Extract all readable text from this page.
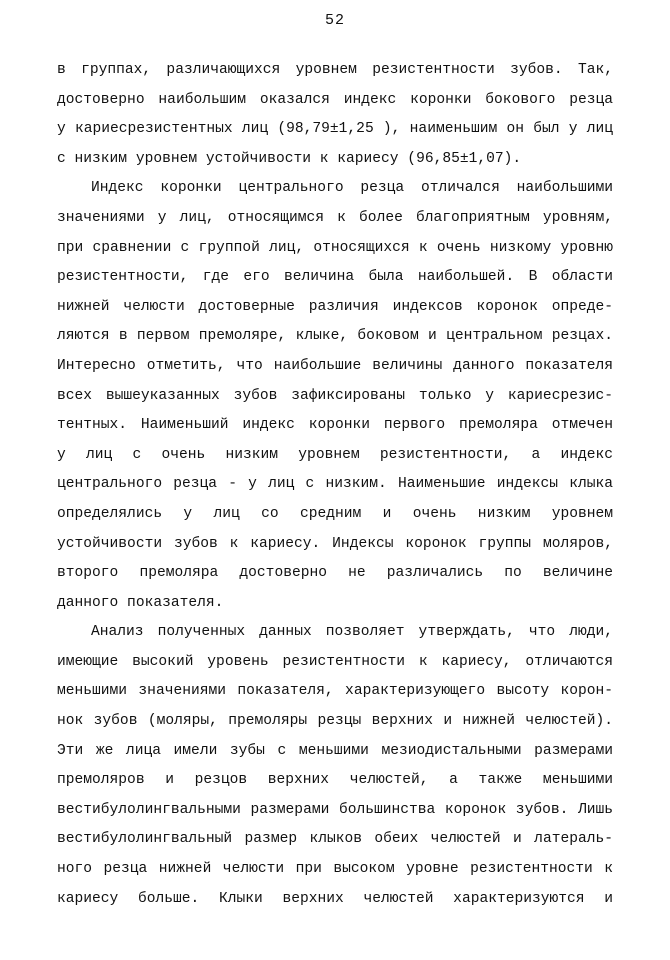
52
в группах, различающихся уровнем резистентности зубов. Так,
достоверно наибольшим оказался индекс коронки бокового резца
у кариесрезистентных лиц (98,79±1,25 ), наименьшим он был у лиц
с низким уровнем устойчивости к кариесу (96,85±1,07).
Индекс коронки центрального резца отличался наибольшими
значениями у лиц, относящимся к более благоприятным уровням,
при сравнении с группой лиц, относящихся к очень низкому уровню
резистентности, где его величина была наибольшей. В области
нижней челюсти достоверные различия индексов коронок опреде-
ляются в первом премоляре, клыке, боковом и центральном резцах.
Интересно отметить, что наибольшие величины данного показателя
всех вышеуказанных зубов зафиксированы только у кариесрезис-
тентных. Наименьший индекс коронки первого премоляра отмечен
у лиц с очень низким уровнем резистентности, а индекс
центрального резца - у лиц с низким. Наименьшие индексы клыка
определялись у лиц со средним и очень низким уровнем
устойчивости зубов к кариесу. Индексы коронок группы моляров,
второго премоляра достоверно не различались по величине
данного показателя.
Анализ полученных данных позволяет утверждать, что люди,
имеющие высокий уровень резистентности к кариесу, отличаются
меньшими значениями показателя, характеризующего высоту корон-
нок зубов (моляры, премоляры резцы верхних и нижней челюстей).
Эти же лица имели зубы с меньшими мезиодистальными размерами
премоляров и резцов верхних челюстей, а также меньшими
вестибулолингвальными размерами большинства коронок зубов. Лишь
вестибулолингвальный размер клыков обеих челюстей и латераль-
ного резца нижней челюсти при высоком уровне резистентности к
кариесу больше. Клыки верхних челюстей характеризуются и
